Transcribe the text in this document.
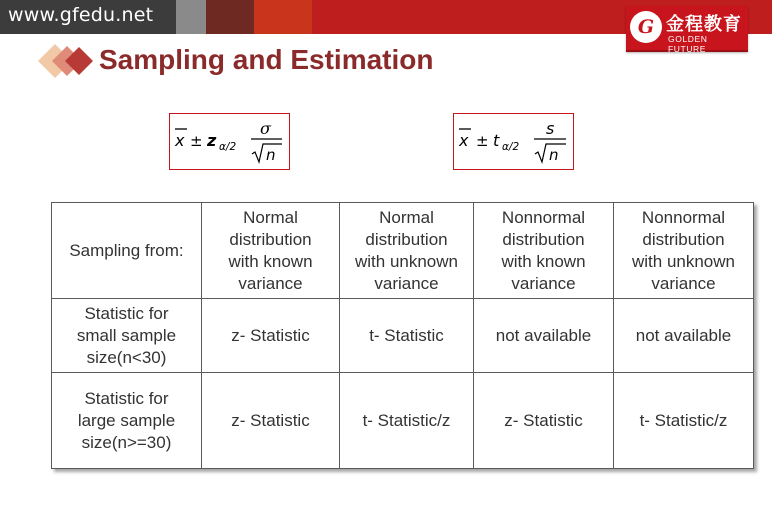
www.gfedu.net
G 金程教育
GOLDEN FUTURE
Sampling and Estimation
x ± z α/2
σ
n
x ± t α/2
s
n
Sampling from:	Normal
distribution
with known
variance	Normal
distribution
with unknown
variance	Nonnormal
distribution
with known
variance	Nonnormal
distribution
with unknown
variance

Statistic for
small sample
size(n<30)	z- Statistic	t- Statistic	not available	not available

Statistic for
large sample
size(n>=30)	z- Statistic	t- Statistic/z	z- Statistic	t- Statistic/z
